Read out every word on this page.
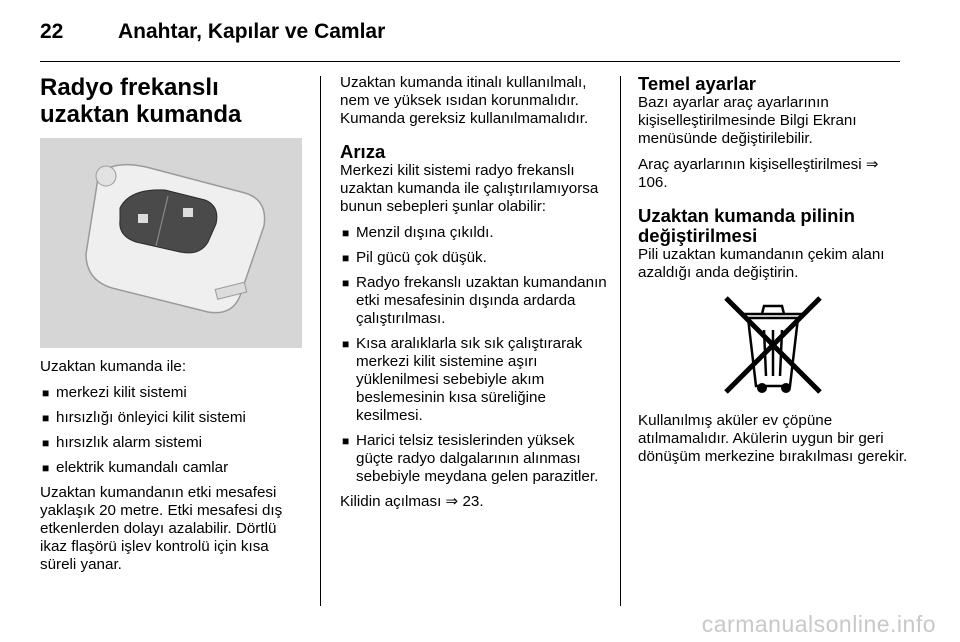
22	Anahtar, Kapılar ve Camlar
Radyo frekanslı uzaktan kumanda

Uzaktan kumanda ile:

■ merkezi kilit sistemi
■ hırsızlığı önleyici kilit sistemi
■ hırsızlık alarm sistemi
■ elektrik kumandalı camlar

Uzaktan kumandanın etki mesafesi yaklaşık 20 metre. Etki mesafesi dış etkenlerden dolayı azalabilir. Dörtlü ikaz flaşörü işlev kontrolü için kısa süreli yanar.

Uzaktan kumanda itinalı kullanılmalı, nem ve yüksek ısıdan korunmalıdır. Kumanda gereksiz kullanılmamalıdır.

Arıza

Merkezi kilit sistemi radyo frekanslı uzaktan kumanda ile çalıştırılamıyorsa bunun sebepleri şunlar olabilir:

■ Menzil dışına çıkıldı.
■ Pil gücü çok düşük.
■ Radyo frekanslı uzaktan kumandanın etki mesafesinin dışında ardarda çalıştırılması.
■ Kısa aralıklarla sık sık çalıştırarak merkezi kilit sistemine aşırı yüklenilmesi sebebiyle akım beslemesinin kısa süreliğine kesilmesi.
■ Harici telsiz tesislerinden yüksek güçte radyo dalgalarının alınması sebebiyle meydana gelen parazitler.

Kilidin açılması ⇒ 23.

Temel ayarlar

Bazı ayarlar araç ayarlarının kişiselleştirilmesinde Bilgi Ekranı menüsünde değiştirilebilir.

Araç ayarlarının kişiselleştirilmesi ⇒ 106.

Uzaktan kumanda pilinin değiştirilmesi

Pili uzaktan kumandanın çekim alanı azaldığı anda değiştirin.

Kullanılmış aküler ev çöpüne atılmamalıdır. Akülerin uygun bir geri dönüşüm merkezine bırakılması gerekir.

carmanualsonline.info
